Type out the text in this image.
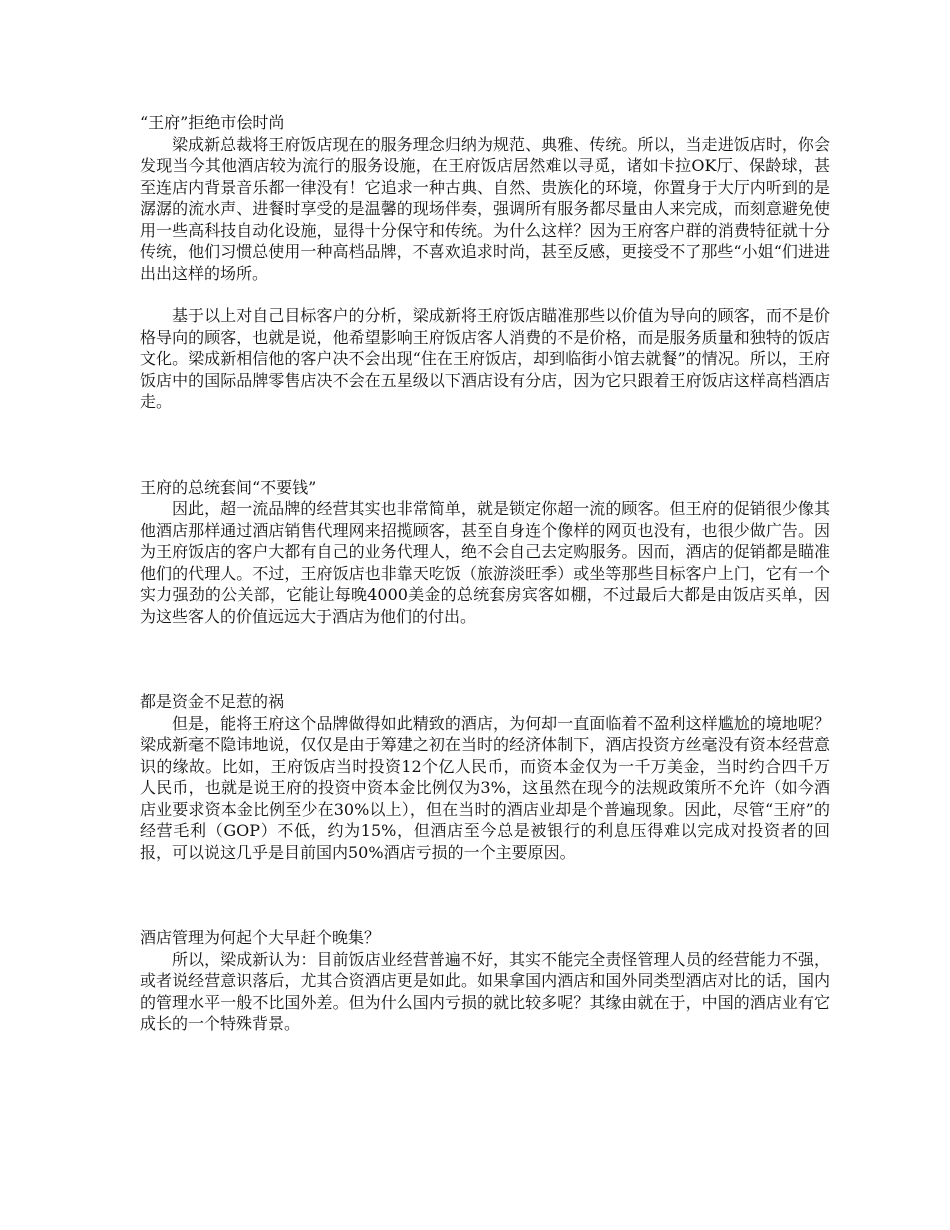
“王府”拒绝市侩时尚

梁成新总裁将王府饭店现在的服务理念归纳为规范、典雅、传统。所以，当走进饭店时，你会发现当今其他酒店较为流行的服务设施，在王府饭店居然难以寻觅，诸如卡拉OK厅、保龄球，甚至连店内背景音乐都一律没有！它追求一种古典、自然、贵族化的环境，你置身于大厅内听到的是潺潺的流水声、进餐时享受的是温馨的现场伴奏，强调所有服务都尽量由人来完成，而刻意避免使用一些高科技自动化设施，显得十分保守和传统。为什么这样？因为王府客户群的消费特征就十分传统，他们习惯总使用一种高档品牌，不喜欢追求时尚，甚至反感，更接受不了那些“小姐“们进进出出这样的场所。

基于以上对自己目标客户的分析，梁成新将王府饭店瞄准那些以价值为导向的顾客，而不是价格导向的顾客，也就是说，他希望影响王府饭店客人消费的不是价格，而是服务质量和独特的饭店文化。梁成新相信他的客户决不会出现“住在王府饭店，却到临街小馆去就餐”的情况。所以，王府饭店中的国际品牌零售店决不会在五星级以下酒店设有分店，因为它只跟着王府饭店这样高档酒店走。

王府的总统套间“不要钱”

因此，超一流品牌的经营其实也非常简单，就是锁定你超一流的顾客。但王府的促销很少像其他酒店那样通过酒店销售代理网来招揽顾客，甚至自身连个像样的网页也没有，也很少做广告。因为王府饭店的客户大都有自己的业务代理人，绝不会自己去定购服务。因而，酒店的促销都是瞄准他们的代理人。不过，王府饭店也非靠天吃饭（旅游淡旺季）或坐等那些目标客户上门，它有一个实力强劲的公关部，它能让每晚4000美金的总统套房宾客如棚，不过最后大都是由饭店买单，因为这些客人的价值远远大于酒店为他们的付出。

都是资金不足惹的祸

但是，能将王府这个品牌做得如此精致的酒店，为何却一直面临着不盈利这样尴尬的境地呢？梁成新毫不隐讳地说，仅仅是由于筹建之初在当时的经济体制下，酒店投资方丝毫没有资本经营意识的缘故。比如，王府饭店当时投资12个亿人民币，而资本金仅为一千万美金，当时约合四千万人民币，也就是说王府的投资中资本金比例仅为3%，这虽然在现今的法规政策所不允许（如今酒店业要求资本金比例至少在30%以上），但在当时的酒店业却是个普遍现象。因此，尽管“王府”的经营毛利（GOP）不低，约为15%，但酒店至今总是被银行的利息压得难以完成对投资者的回报，可以说这几乎是目前国内50%酒店亏损的一个主要原因。

酒店管理为何起个大早赶个晚集？

所以，梁成新认为：目前饭店业经营普遍不好，其实不能完全责怪管理人员的经营能力不强，或者说经营意识落后，尤其合资酒店更是如此。如果拿国内酒店和国外同类型酒店对比的话，国内的管理水平一般不比国外差。但为什么国内亏损的就比较多呢？其缘由就在于，中国的酒店业有它成长的一个特殊背景。
